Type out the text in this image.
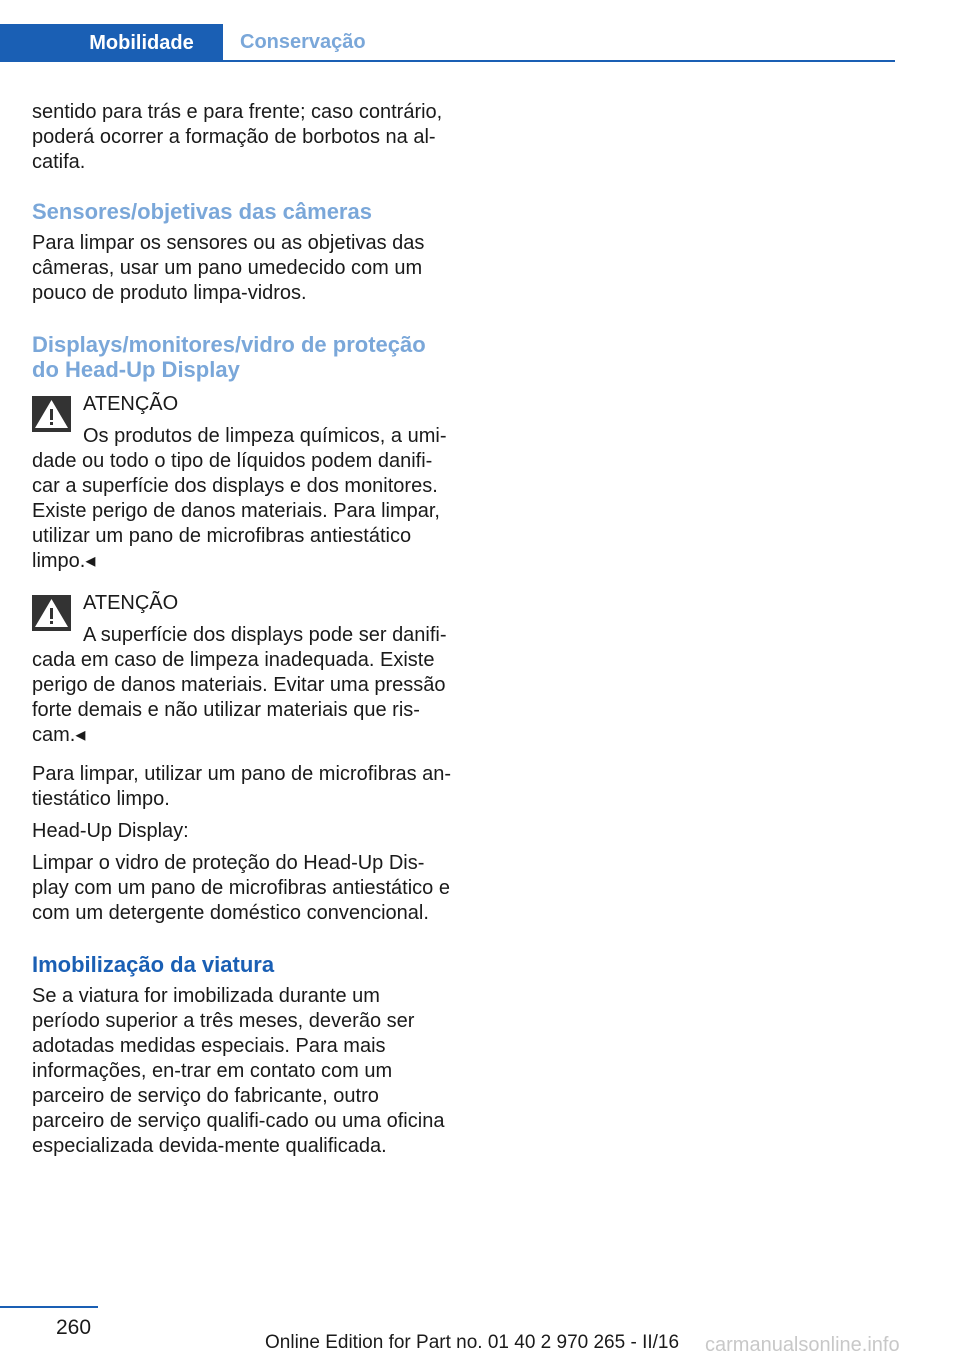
Mobilidade	Conservação

sentido para trás e para frente; caso contrário, poderá ocorrer a formação de borbotos na al-catifa.

Sensores/objetivas das câmeras

Para limpar os sensores ou as objetivas das câmeras, usar um pano umedecido com um pouco de produto limpa-vidros.

Displays/monitores/vidro de proteção do Head-Up Display

ATENÇÃO

Os produtos de limpeza químicos, a umi-dade ou todo o tipo de líquidos podem danifi-car a superfície dos displays e dos monitores. Existe perigo de danos materiais. Para limpar, utilizar um pano de microfibras antiestático limpo.◂

ATENÇÃO

A superfície dos displays pode ser danifi-cada em caso de limpeza inadequada. Existe perigo de danos materiais. Evitar uma pressão forte demais e não utilizar materiais que ris-cam.◂

Para limpar, utilizar um pano de microfibras an-tiestático limpo.

Head-Up Display:

Limpar o vidro de proteção do Head-Up Dis-play com um pano de microfibras antiestático e com um detergente doméstico convencional.

Imobilização da viatura

Se a viatura for imobilizada durante um período superior a três meses, deverão ser adotadas medidas especiais. Para mais informações, en-trar em contato com um parceiro de serviço do fabricante, outro parceiro de serviço qualifi-cado ou uma oficina especializada devida-mente qualificada.

260
Online Edition for Part no. 01 40 2 970 265 - II/16 carmanualsonline.info
